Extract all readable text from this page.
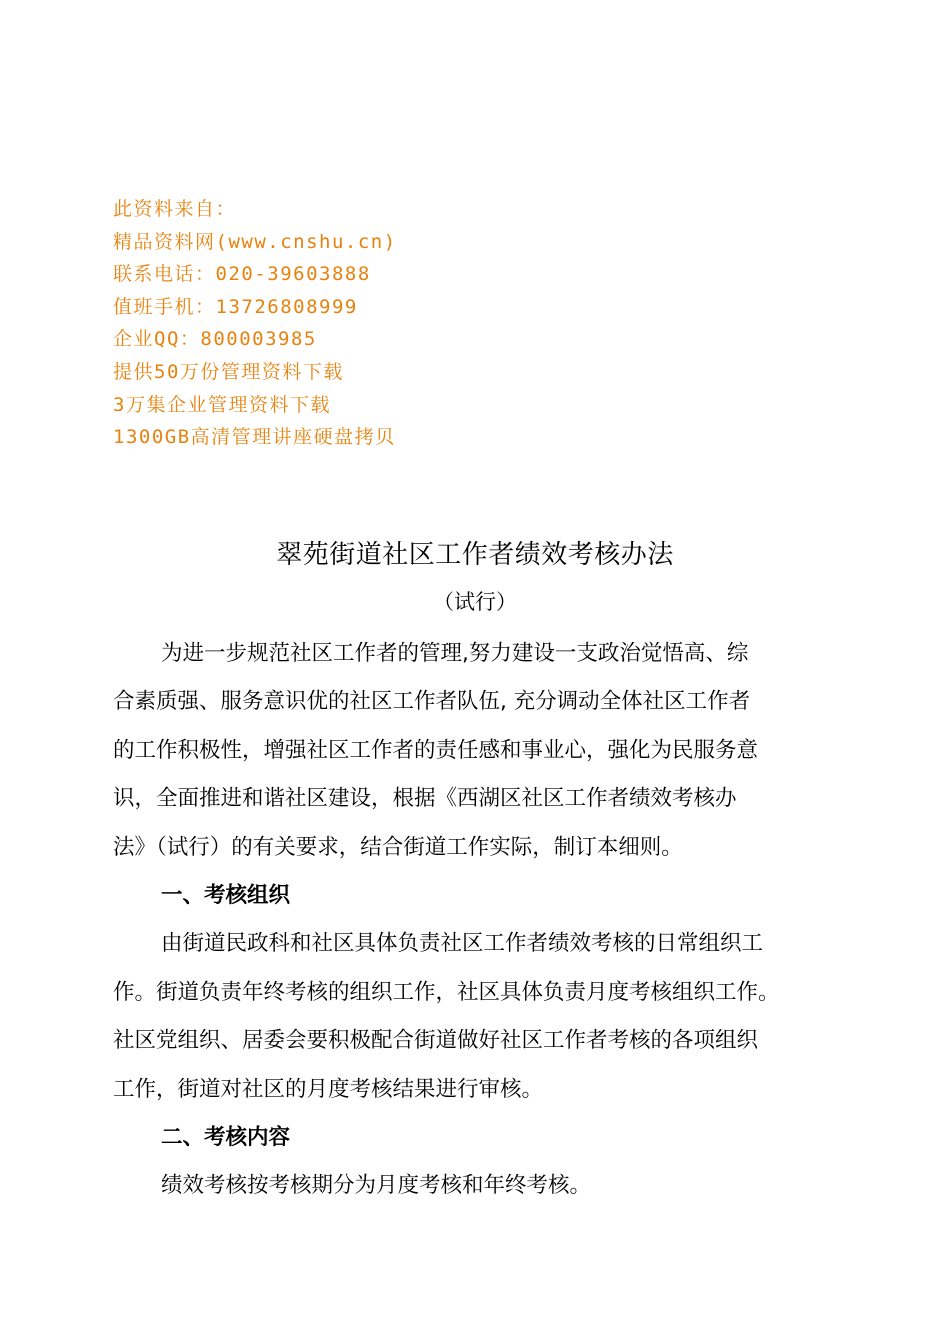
此资料来自：
精品资料网(www.cnshu.cn)
联系电话：020-39603888
值班手机：13726808999
企业QQ：800003985
提供50万份管理资料下载
3万集企业管理资料下载
1300GB高清管理讲座硬盘拷贝
翠苑街道社区工作者绩效考核办法
（试行）
为进一步规范社区工作者的管理,努力建设一支政治觉悟高、综
合素质强、服务意识优的社区工作者队伍, 充分调动全体社区工作者
的工作积极性，增强社区工作者的责任感和事业心，强化为民服务意
识，全面推进和谐社区建设，根据《西湖区社区工作者绩效考核办
法》（试行）的有关要求，结合街道工作实际，制订本细则。
一、考核组织
由街道民政科和社区具体负责社区工作者绩效考核的日常组织工
作。街道负责年终考核的组织工作，社区具体负责月度考核组织工作。
社区党组织、居委会要积极配合街道做好社区工作者考核的各项组织
工作，街道对社区的月度考核结果进行审核。
二、考核内容
绩效考核按考核期分为月度考核和年终考核。
